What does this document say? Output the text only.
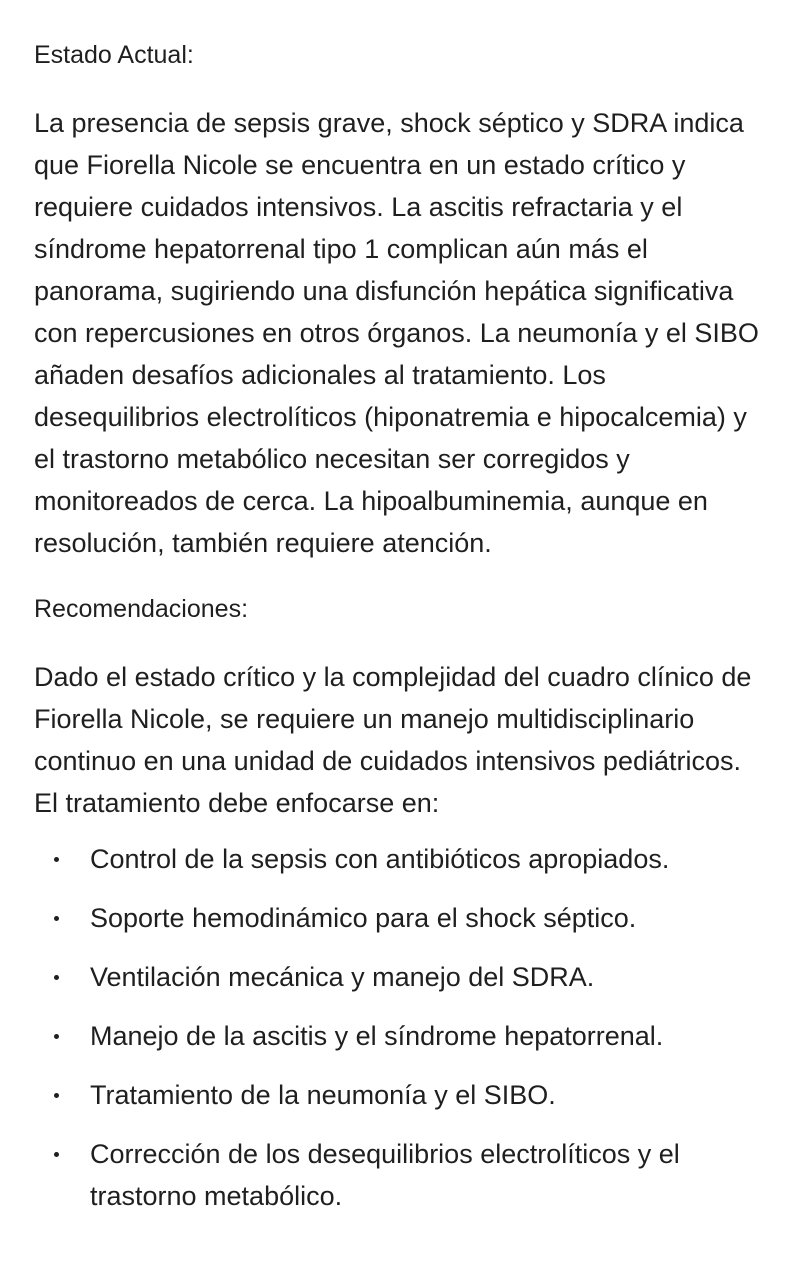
Estado Actual:

La presencia de sepsis grave, shock séptico y SDRA indica que Fiorella Nicole se encuentra en un estado crítico y requiere cuidados intensivos. La ascitis refractaria y el síndrome hepatorrenal tipo 1 complican aún más el panorama, sugiriendo una disfunción hepática significativa con repercusiones en otros órganos. La neumonía y el SIBO añaden desafíos adicionales al tratamiento. Los desequilibrios electrolíticos (hiponatremia e hipocalcemia) y el trastorno metabólico necesitan ser corregidos y monitoreados de cerca. La hipoalbuminemia, aunque en resolución, también requiere atención.

Recomendaciones:

Dado el estado crítico y la complejidad del cuadro clínico de Fiorella Nicole, se requiere un manejo multidisciplinario continuo en una unidad de cuidados intensivos pediátricos. El tratamiento debe enfocarse en:

Control de la sepsis con antibióticos apropiados.
Soporte hemodinámico para el shock séptico.
Ventilación mecánica y manejo del SDRA.
Manejo de la ascitis y el síndrome hepatorrenal.
Tratamiento de la neumonía y el SIBO.
Corrección de los desequilibrios electrolíticos y el trastorno metabólico.
